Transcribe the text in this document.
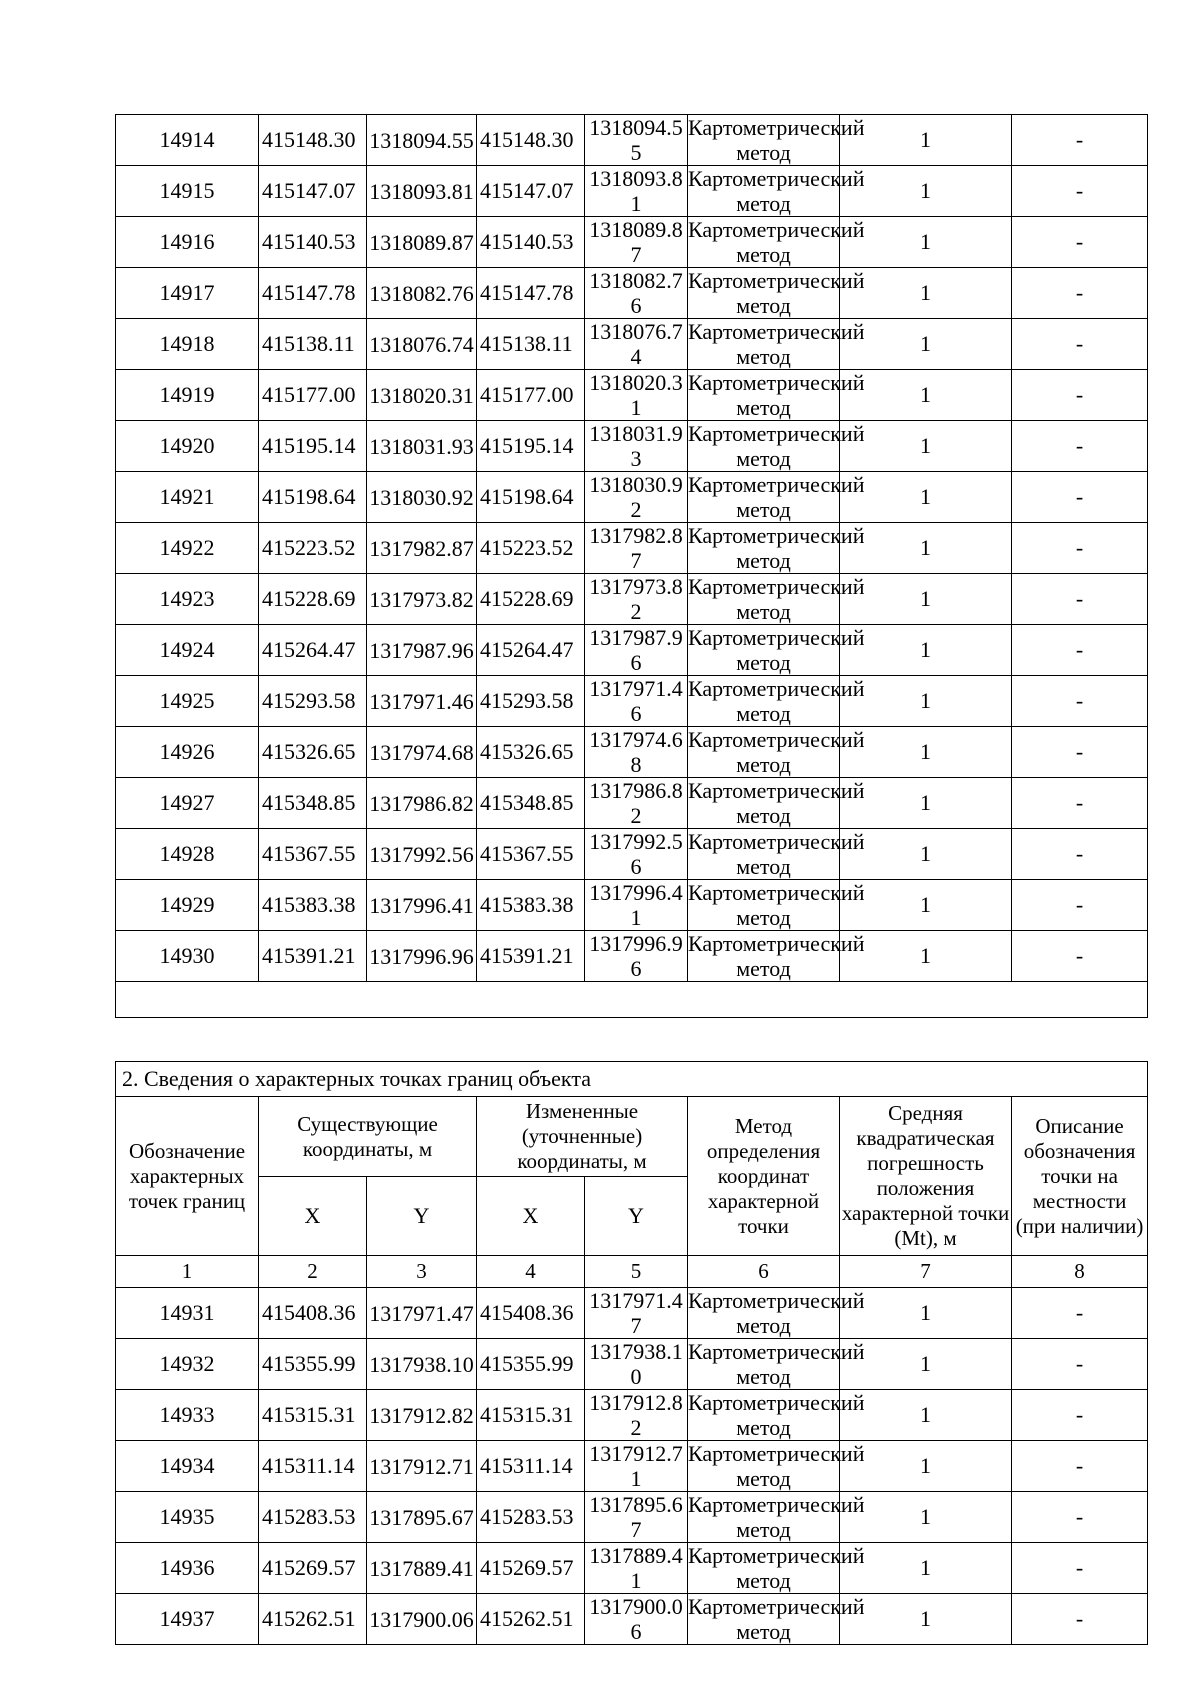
14914	415148.30	1318094.55	415148.30	1318094.55	Картометрический метод	1	-
14915	415147.07	1318093.81	415147.07	1318093.81	Картометрический метод	1	-
14916	415140.53	1318089.87	415140.53	1318089.87	Картометрический метод	1	-
14917	415147.78	1318082.76	415147.78	1318082.76	Картометрический метод	1	-
14918	415138.11	1318076.74	415138.11	1318076.74	Картометрический метод	1	-
14919	415177.00	1318020.31	415177.00	1318020.31	Картометрический метод	1	-
14920	415195.14	1318031.93	415195.14	1318031.93	Картометрический метод	1	-
14921	415198.64	1318030.92	415198.64	1318030.92	Картометрический метод	1	-
14922	415223.52	1317982.87	415223.52	1317982.87	Картометрический метод	1	-
14923	415228.69	1317973.82	415228.69	1317973.82	Картометрический метод	1	-
14924	415264.47	1317987.96	415264.47	1317987.96	Картометрический метод	1	-
14925	415293.58	1317971.46	415293.58	1317971.46	Картометрический метод	1	-
14926	415326.65	1317974.68	415326.65	1317974.68	Картометрический метод	1	-
14927	415348.85	1317986.82	415348.85	1317986.82	Картометрический метод	1	-
14928	415367.55	1317992.56	415367.55	1317992.56	Картометрический метод	1	-
14929	415383.38	1317996.41	415383.38	1317996.41	Картометрический метод	1	-
14930	415391.21	1317996.96	415391.21	1317996.96	Картометрический метод	1	-

2. Сведения о характерных точках границ объекта							
Обозначение характерных точек границ	Существующие координаты, м		Измененные (уточненные) координаты, м		Метод определения координат характерной точки	Средняя квадратическая погрешность положения характерной точки (Mt), м	Описание обозначения точки на местности (при наличии)
	X	Y	X	Y			
1	2	3	4	5	6	7	8
14931	415408.36	1317971.47	415408.36	1317971.47	Картометрический метод	1	-
14932	415355.99	1317938.10	415355.99	1317938.10	Картометрический метод	1	-
14933	415315.31	1317912.82	415315.31	1317912.82	Картометрический метод	1	-
14934	415311.14	1317912.71	415311.14	1317912.71	Картометрический метод	1	-
14935	415283.53	1317895.67	415283.53	1317895.67	Картометрический метод	1	-
14936	415269.57	1317889.41	415269.57	1317889.41	Картометрический метод	1	-
14937	415262.51	1317900.06	415262.51	1317900.06	Картометрический метод	1	-
